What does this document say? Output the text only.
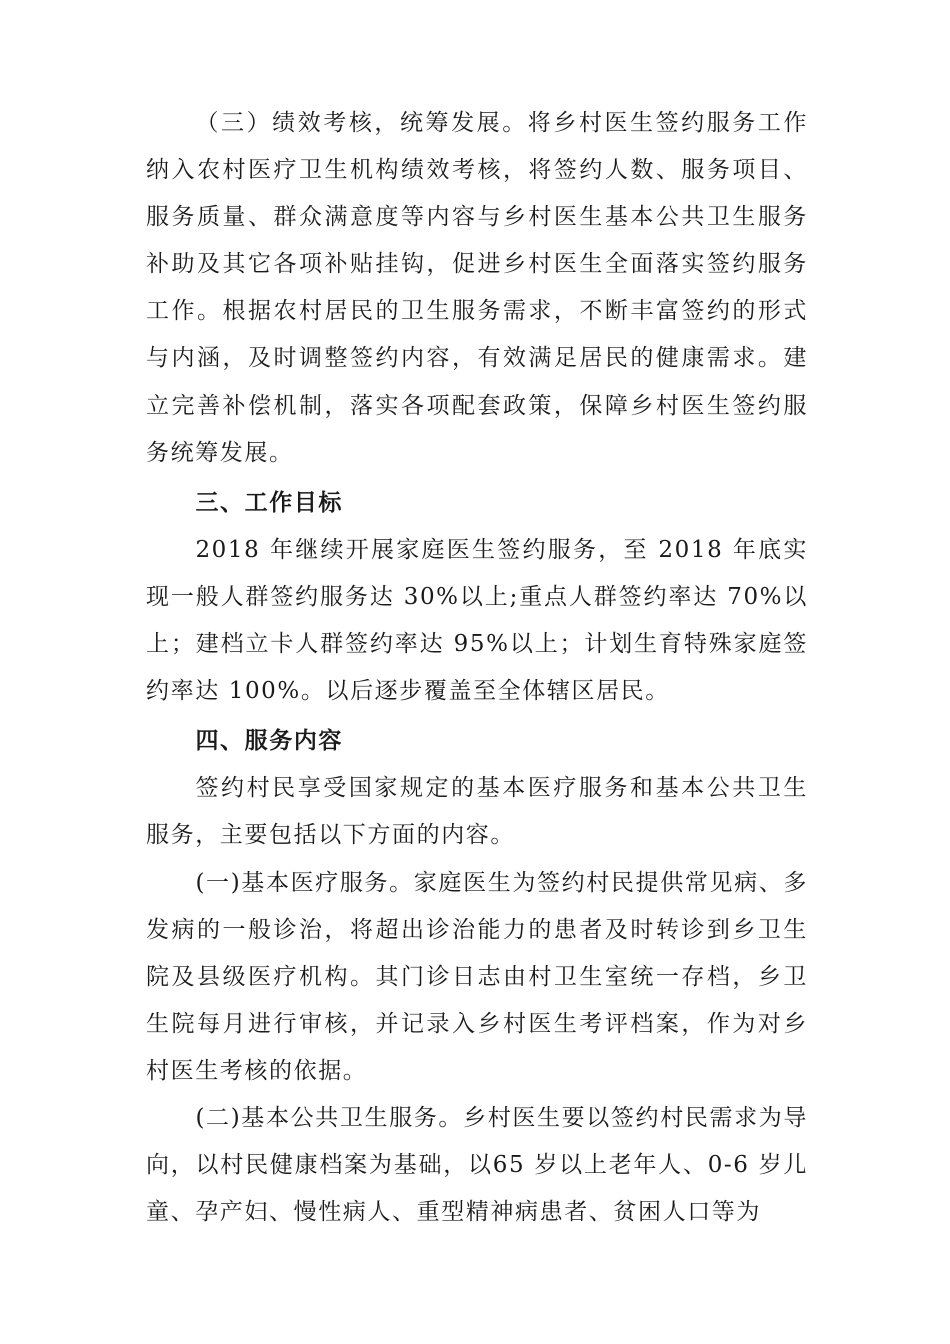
（三）绩效考核，统筹发展。将乡村医生签约服务工作纳入农村医疗卫生机构绩效考核，将签约人数、服务项目、服务质量、群众满意度等内容与乡村医生基本公共卫生服务补助及其它各项补贴挂钩，促进乡村医生全面落实签约服务工作。根据农村居民的卫生服务需求，不断丰富签约的形式与内涵，及时调整签约内容，有效满足居民的健康需求。建立完善补偿机制，落实各项配套政策，保障乡村医生签约服务统筹发展。

三、工作目标

2018 年继续开展家庭医生签约服务，至 2018 年底实现一般人群签约服务达 30%以上;重点人群签约率达 70%以上；建档立卡人群签约率达 95%以上；计划生育特殊家庭签约率达 100%。以后逐步覆盖至全体辖区居民。

四、服务内容

签约村民享受国家规定的基本医疗服务和基本公共卫生服务，主要包括以下方面的内容。

(一)基本医疗服务。家庭医生为签约村民提供常见病、多发病的一般诊治，将超出诊治能力的患者及时转诊到乡卫生院及县级医疗机构。其门诊日志由村卫生室统一存档，乡卫生院每月进行审核，并记录入乡村医生考评档案，作为对乡村医生考核的依据。

(二)基本公共卫生服务。乡村医生要以签约村民需求为导向，以村民健康档案为基础，以65 岁以上老年人、0-6 岁儿童、孕产妇、慢性病人、重型精神病患者、贫困人口等为
